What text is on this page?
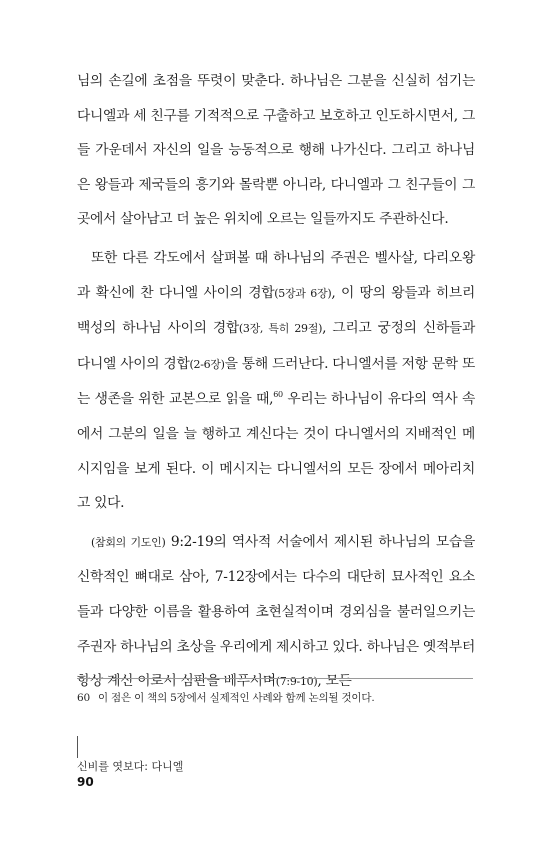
님의 손길에 초점을 뚜렷이 맞춘다. 하나님은 그분을 신실히 섬기는 다니엘과 세 친구를 기적적으로 구출하고 보호하고 인도하시면서, 그들 가운데서 자신의 일을 능동적으로 행해 나가신다. 그리고 하나님은 왕들과 제국들의 흥기와 몰락뿐 아니라, 다니엘과 그 친구들이 그곳에서 살아남고 더 높은 위치에 오르는 일들까지도 주관하신다.

또한 다른 각도에서 살펴볼 때 하나님의 주권은 벨사살, 다리오왕과 확신에 찬 다니엘 사이의 경합(5장과 6장), 이 땅의 왕들과 히브리 백성의 하나님 사이의 경합(3장, 특히 29절), 그리고 궁정의 신하들과 다니엘 사이의 경합(2-6장)을 통해 드러난다. 다니엘서를 저항 문학 또는 생존을 위한 교본으로 읽을 때,$^{60}$ 우리는 하나님이 유다의 역사 속에서 그분의 일을 늘 행하고 계신다는 것이 다니엘서의 지배적인 메시지임을 보게 된다. 이 메시지는 다니엘서의 모든 장에서 메아리치고 있다.

(참회의 기도인) 9:2-19의 역사적 서술에서 제시된 하나님의 모습을 신학적인 뼈대로 삼아, 7-12장에서는 다수의 대단히 묘사적인 요소들과 다양한 이름을 활용하여 초현실적이며 경외심을 불러일으키는 주권자 하나님의 초상을 우리에게 제시하고 있다. 하나님은 옛적부터 항상 계신 이로서 심판을 베푸시며(7:9-10), 모든

60 이 점은 이 책의 5장에서 실제적인 사례와 함께 논의될 것이다.
신비를 엿보다: 다니엘
90
